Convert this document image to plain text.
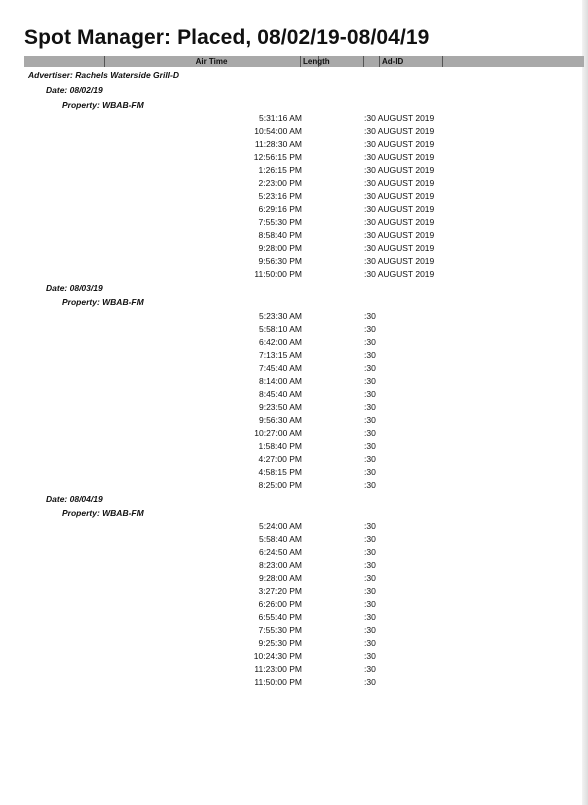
Spot Manager: Placed, 08/02/19-08/04/19
Air Time	Length	Ad-ID
Advertiser: Rachels Waterside Grill-D
Date: 08/02/19
Property: WBAB-FM
5:31:16 AM	:30 AUGUST 2019
10:54:00 AM	:30 AUGUST 2019
11:28:30 AM	:30 AUGUST 2019
12:56:15 PM	:30 AUGUST 2019
1:26:15 PM	:30 AUGUST 2019
2:23:00 PM	:30 AUGUST 2019
5:23:16 PM	:30 AUGUST 2019
6:29:16 PM	:30 AUGUST 2019
7:55:30 PM	:30 AUGUST 2019
8:58:40 PM	:30 AUGUST 2019
9:28:00 PM	:30 AUGUST 2019
9:56:30 PM	:30 AUGUST 2019
11:50:00 PM	:30 AUGUST 2019
Date: 08/03/19
Property: WBAB-FM
5:23:30 AM	:30
5:58:10 AM	:30
6:42:00 AM	:30
7:13:15 AM	:30
7:45:40 AM	:30
8:14:00 AM	:30
8:45:40 AM	:30
9:23:50 AM	:30
9:56:30 AM	:30
10:27:00 AM	:30
1:58:40 PM	:30
4:27:00 PM	:30
4:58:15 PM	:30
8:25:00 PM	:30
Date: 08/04/19
Property: WBAB-FM
5:24:00 AM	:30
5:58:40 AM	:30
6:24:50 AM	:30
8:23:00 AM	:30
9:28:00 AM	:30
3:27:20 PM	:30
6:26:00 PM	:30
6:55:40 PM	:30
7:55:30 PM	:30
9:25:30 PM	:30
10:24:30 PM	:30
11:23:00 PM	:30
11:50:00 PM	:30
